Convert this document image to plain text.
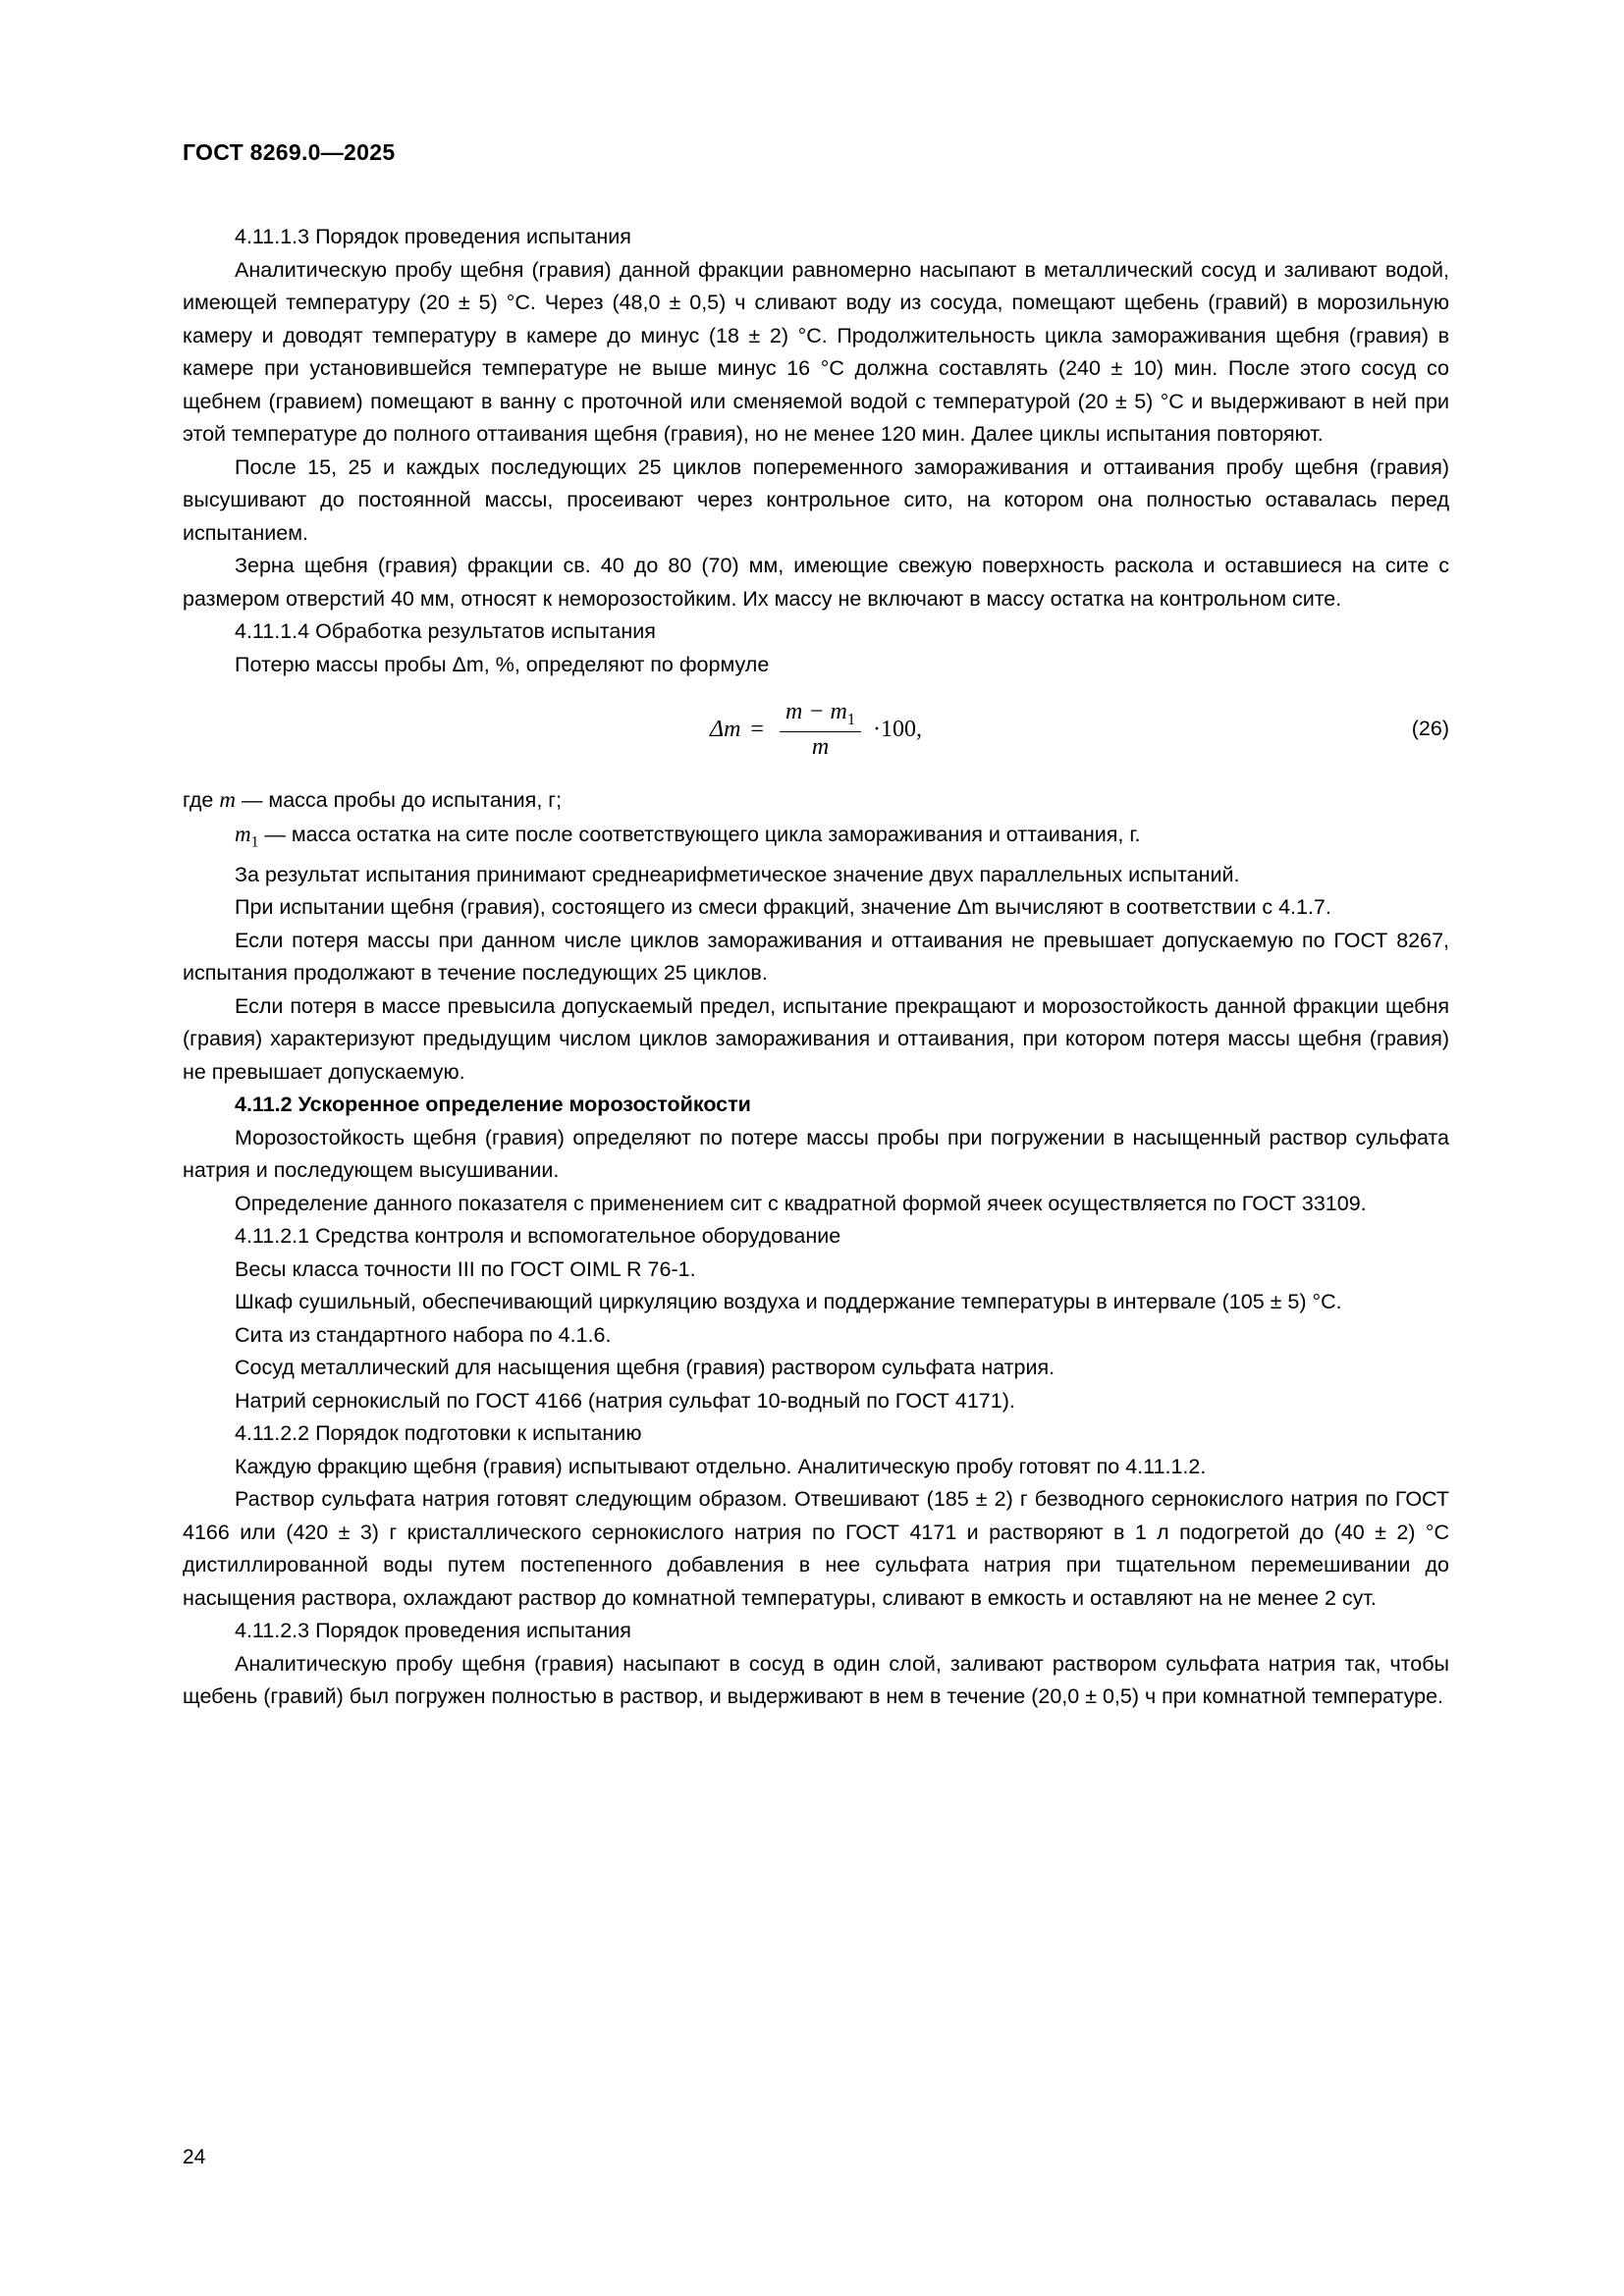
ГОСТ 8269.0—2025

4.11.1.3 Порядок проведения испытания

Аналитическую пробу щебня (гравия) данной фракции равномерно насыпают в металлический сосуд и заливают водой, имеющей температуру (20 ± 5) °С. Через (48,0 ± 0,5) ч сливают воду из сосуда, помещают щебень (гравий) в морозильную камеру и доводят температуру в камере до минус (18 ± 2) °С. Продолжительность цикла замораживания щебня (гравия) в камере при установившейся температуре не выше минус 16 °С должна составлять (240 ± 10) мин. После этого сосуд со щебнем (гравием) помещают в ванну с проточной или сменяемой водой с температурой (20 ± 5) °С и выдерживают в ней при этой температуре до полного оттаивания щебня (гравия), но не менее 120 мин. Далее циклы испытания повторяют.

После 15, 25 и каждых последующих 25 циклов попеременного замораживания и оттаивания пробу щебня (гравия) высушивают до постоянной массы, просеивают через контрольное сито, на котором она полностью оставалась перед испытанием.

Зерна щебня (гравия) фракции св. 40 до 80 (70) мм, имеющие свежую поверхность раскола и оставшиеся на сите с размером отверстий 40 мм, относят к неморозостойким. Их массу не включают в массу остатка на контрольном сите.

4.11.1.4 Обработка результатов испытания

Потерю массы пробы Δm, %, определяют по формуле

Δ $m = \frac{m - m_1}{m} \cdot 100$,	(26)

где m — масса пробы до испытания, г;

$m_1$ — масса остатка на сите после соответствующего цикла замораживания и оттаивания, г.

За результат испытания принимают среднеарифметическое значение двух параллельных испытаний.

При испытании щебня (гравия), состоящего из смеси фракций, значение Δm вычисляют в соответствии с 4.1.7.

Если потеря массы при данном числе циклов замораживания и оттаивания не превышает допускаемую по ГОСТ 8267, испытания продолжают в течение последующих 25 циклов.

Если потеря в массе превысила допускаемый предел, испытание прекращают и морозостойкость данной фракции щебня (гравия) характеризуют предыдущим числом циклов замораживания и оттаивания, при котором потеря массы щебня (гравия) не превышает допускаемую.

4.11.2 Ускоренное определение морозостойкости

Морозостойкость щебня (гравия) определяют по потере массы пробы при погружении в насыщенный раствор сульфата натрия и последующем высушивании.

Определение данного показателя с применением сит с квадратной формой ячеек осуществляется по ГОСТ 33109.

4.11.2.1 Средства контроля и вспомогательное оборудование

Весы класса точности III по ГОСТ OIML R 76-1.

Шкаф сушильный, обеспечивающий циркуляцию воздуха и поддержание температуры в интервале (105 ± 5) °С.

Сита из стандартного набора по 4.1.6.

Сосуд металлический для насыщения щебня (гравия) раствором сульфата натрия.

Натрий сернокислый по ГОСТ 4166 (натрия сульфат 10-водный по ГОСТ 4171).

4.11.2.2 Порядок подготовки к испытанию

Каждую фракцию щебня (гравия) испытывают отдельно. Аналитическую пробу готовят по 4.11.1.2.

Раствор сульфата натрия готовят следующим образом. Отвешивают (185 ± 2) г безводного сернокислого натрия по ГОСТ 4166 или (420 ± 3) г кристаллического сернокислого натрия по ГОСТ 4171 и растворяют в 1 л подогретой до (40 ± 2) °С дистиллированной воды путем постепенного добавления в нее сульфата натрия при тщательном перемешивании до насыщения раствора, охлаждают раствор до комнатной температуры, сливают в емкость и оставляют на не менее 2 сут.

4.11.2.3 Порядок проведения испытания

Аналитическую пробу щебня (гравия) насыпают в сосуд в один слой, заливают раствором сульфата натрия так, чтобы щебень (гравий) был погружен полностью в раствор, и выдерживают в нем в течение (20,0 ± 0,5) ч при комнатной температуре.

24
